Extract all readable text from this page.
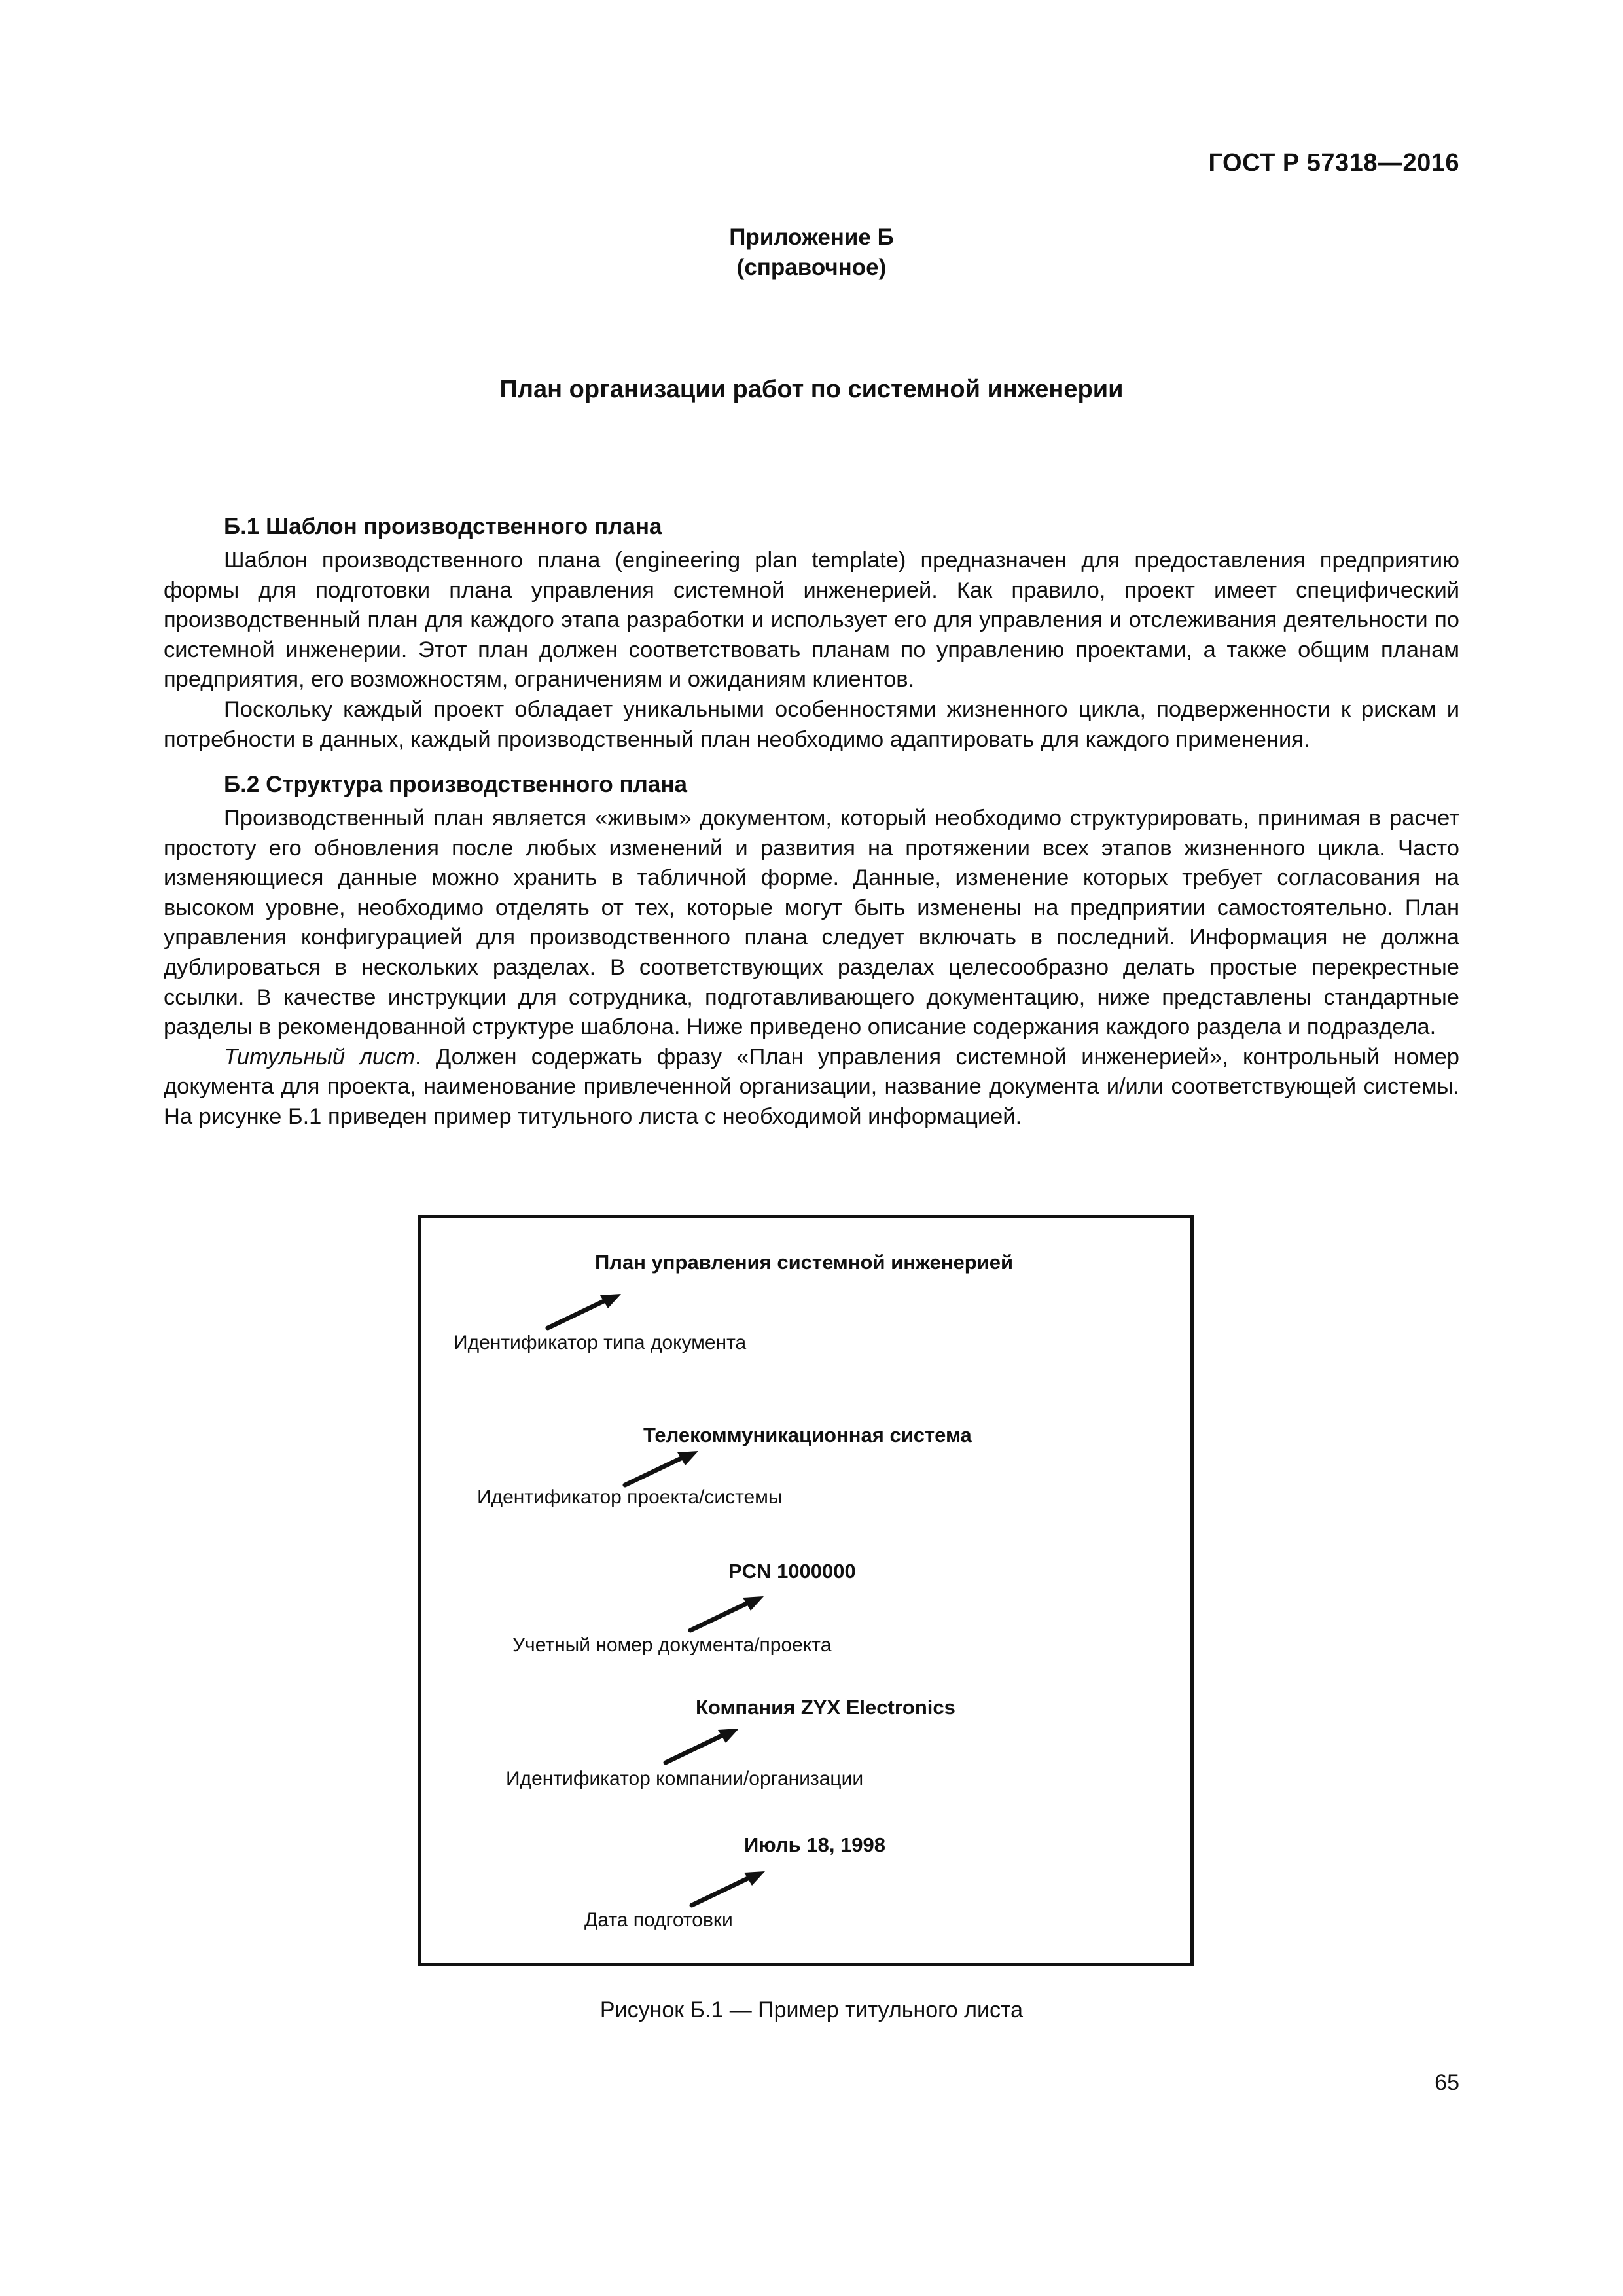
ГОСТ Р 57318—2016
Приложение Б
(справочное)
План организации работ по системной инженерии
Б.1 Шаблон производственного плана

Шаблон производственного плана (engineering plan template) предназначен для предоставления предприятию формы для подготовки плана управления системной инженерией. Как правило, проект имеет специфический производственный план для каждого этапа разработки и использует его для управления и отслеживания деятельности по системной инженерии. Этот план должен соответствовать планам по управлению проектами, а также общим планам предприятия, его возможностям, ограничениям и ожиданиям клиентов.

Поскольку каждый проект обладает уникальными особенностями жизненного цикла, подверженности к рискам и потребности в данных, каждый производственный план необходимо адаптировать для каждого применения.

Б.2 Структура производственного плана

Производственный план является «живым» документом, который необходимо структурировать, принимая в расчет простоту его обновления после любых изменений и развития на протяжении всех этапов жизненного цикла. Часто изменяющиеся данные можно хранить в табличной форме. Данные, изменение которых требует согласования на высоком уровне, необходимо отделять от тех, которые могут быть изменены на предприятии самостоятельно. План управления конфигурацией для производственного плана следует включать в последний. Информация не должна дублироваться в нескольких разделах. В соответствующих разделах целесообразно делать простые перекрестные ссылки. В качестве инструкции для сотрудника, подготавливающего документацию, ниже представлены стандартные разделы в рекомендованной структуре шаблона. Ниже приведено описание содержания каждого раздела и подраздела.

Титульный лист. Должен содержать фразу «План управления системной инженерией», контрольный номер документа для проекта, наименование привлеченной организации, название документа и/или соответствующей системы. На рисунке Б.1 приведен пример титульного листа с необходимой информацией.

План управления системной инженерией
Идентификатор типа документа
Телекоммуникационная система
Идентификатор проекта/системы
PCN 1000000
Учетный номер документа/проекта
Компания ZYX Electronics
Идентификатор компании/организации
Июль 18, 1998
Дата подготовки
Рисунок Б.1 — Пример титульного листа
65
